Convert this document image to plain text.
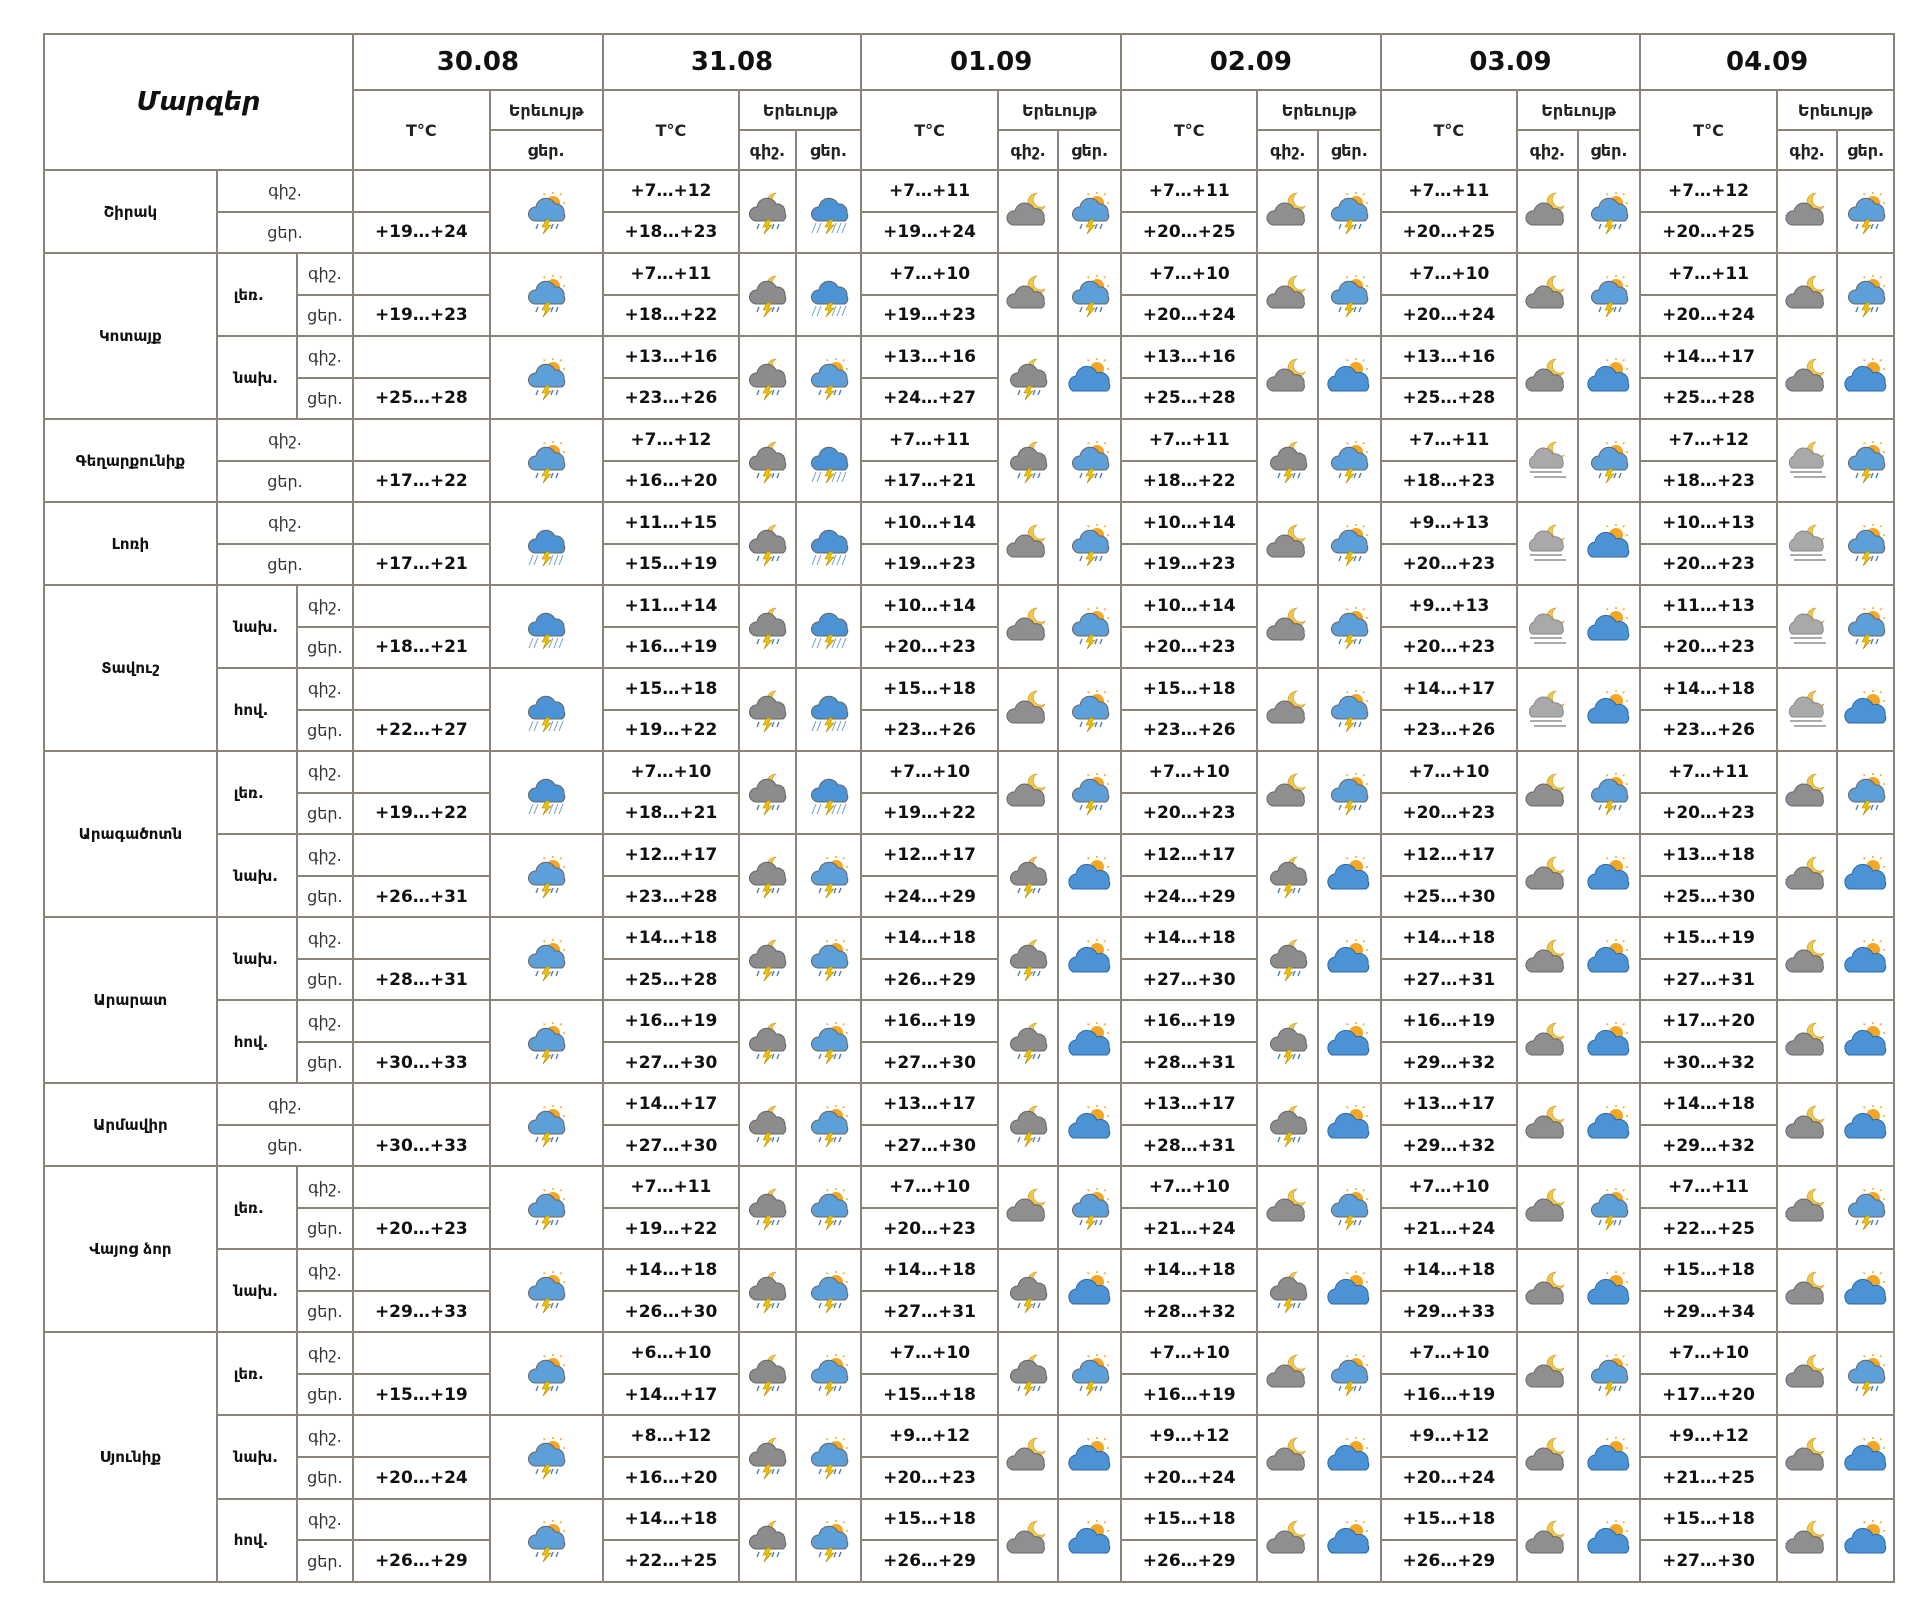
Մարզեր			30.08		31.08			01.09			02.09			03.09			04.09		
			T°C	Երեւույթ	T°C	Երեւույթ		T°C	Երեւույթ		T°C	Երեւույթ		T°C	Երեւույթ		T°C	Երեւույթ	
				ցեր.		գիշ.	ցեր.		գիշ.	ցեր.		գիշ.	ցեր.		գիշ.	ցեր.		գիշ.	ցեր.
Շիրակ	գիշ.				+7…+12			+7…+11			+7…+11			+7…+11			+7…+12		
	ցեր.		+19…+24		+18…+23			+19…+24			+20…+25			+20…+25			+20…+25		
Կոտայք	լեռ.	գիշ.			+7…+11			+7…+10			+7…+10			+7…+10			+7…+11		
		ցեր.	+19…+23		+18…+22			+19…+23			+20…+24			+20…+24			+20…+24		
	նախ.	գիշ.			+13…+16			+13…+16			+13…+16			+13…+16			+14…+17		
		ցեր.	+25…+28		+23…+26			+24…+27			+25…+28			+25…+28			+25…+28		
Գեղարքունիք	գիշ.				+7…+12			+7…+11			+7…+11			+7…+11			+7…+12		
	ցեր.		+17…+22		+16…+20			+17…+21			+18…+22			+18…+23			+18…+23		
Լոռի	գիշ.				+11…+15			+10…+14			+10…+14			+9…+13			+10…+13		
	ցեր.		+17…+21		+15…+19			+19…+23			+19…+23			+20…+23			+20…+23		
Տավուշ	նախ.	գիշ.			+11…+14			+10…+14			+10…+14			+9…+13			+11…+13		
		ցեր.	+18…+21		+16…+19			+20…+23			+20…+23			+20…+23			+20…+23		
	հով.	գիշ.			+15…+18			+15…+18			+15…+18			+14…+17			+14…+18		
		ցեր.	+22…+27		+19…+22			+23…+26			+23…+26			+23…+26			+23…+26		
Արագածոտն	լեռ.	գիշ.			+7…+10			+7…+10			+7…+10			+7…+10			+7…+11		
		ցեր.	+19…+22		+18…+21			+19…+22			+20…+23			+20…+23			+20…+23		
	նախ.	գիշ.			+12…+17			+12…+17			+12…+17			+12…+17			+13…+18		
		ցեր.	+26…+31		+23…+28			+24…+29			+24…+29			+25…+30			+25…+30		
Արարատ	նախ.	գիշ.			+14…+18			+14…+18			+14…+18			+14…+18			+15…+19		
		ցեր.	+28…+31		+25…+28			+26…+29			+27…+30			+27…+31			+27…+31		
	հով.	գիշ.			+16…+19			+16…+19			+16…+19			+16…+19			+17…+20		
		ցեր.	+30…+33		+27…+30			+27…+30			+28…+31			+29…+32			+30…+32		
Արմավիր	գիշ.				+14…+17			+13…+17			+13…+17			+13…+17			+14…+18		
	ցեր.		+30…+33		+27…+30			+27…+30			+28…+31			+29…+32			+29…+32		
Վայոց ձոր	լեռ.	գիշ.			+7…+11			+7…+10			+7…+10			+7…+10			+7…+11		
		ցեր.	+20…+23		+19…+22			+20…+23			+21…+24			+21…+24			+22…+25		
	նախ.	գիշ.			+14…+18			+14…+18			+14…+18			+14…+18			+15…+18		
		ցեր.	+29…+33		+26…+30			+27…+31			+28…+32			+29…+33			+29…+34		
Սյունիք	լեռ.	գիշ.			+6…+10			+7…+10			+7…+10			+7…+10			+7…+10		
		ցեր.	+15…+19		+14…+17			+15…+18			+16…+19			+16…+19			+17…+20		
	նախ.	գիշ.			+8…+12			+9…+12			+9…+12			+9…+12			+9…+12		
		ցեր.	+20…+24		+16…+20			+20…+23			+20…+24			+20…+24			+21…+25		
	հով.	գիշ.			+14…+18			+15…+18			+15…+18			+15…+18			+15…+18		
		ցեր.	+26…+29		+22…+25			+26…+29			+26…+29			+26…+29			+27…+30		
